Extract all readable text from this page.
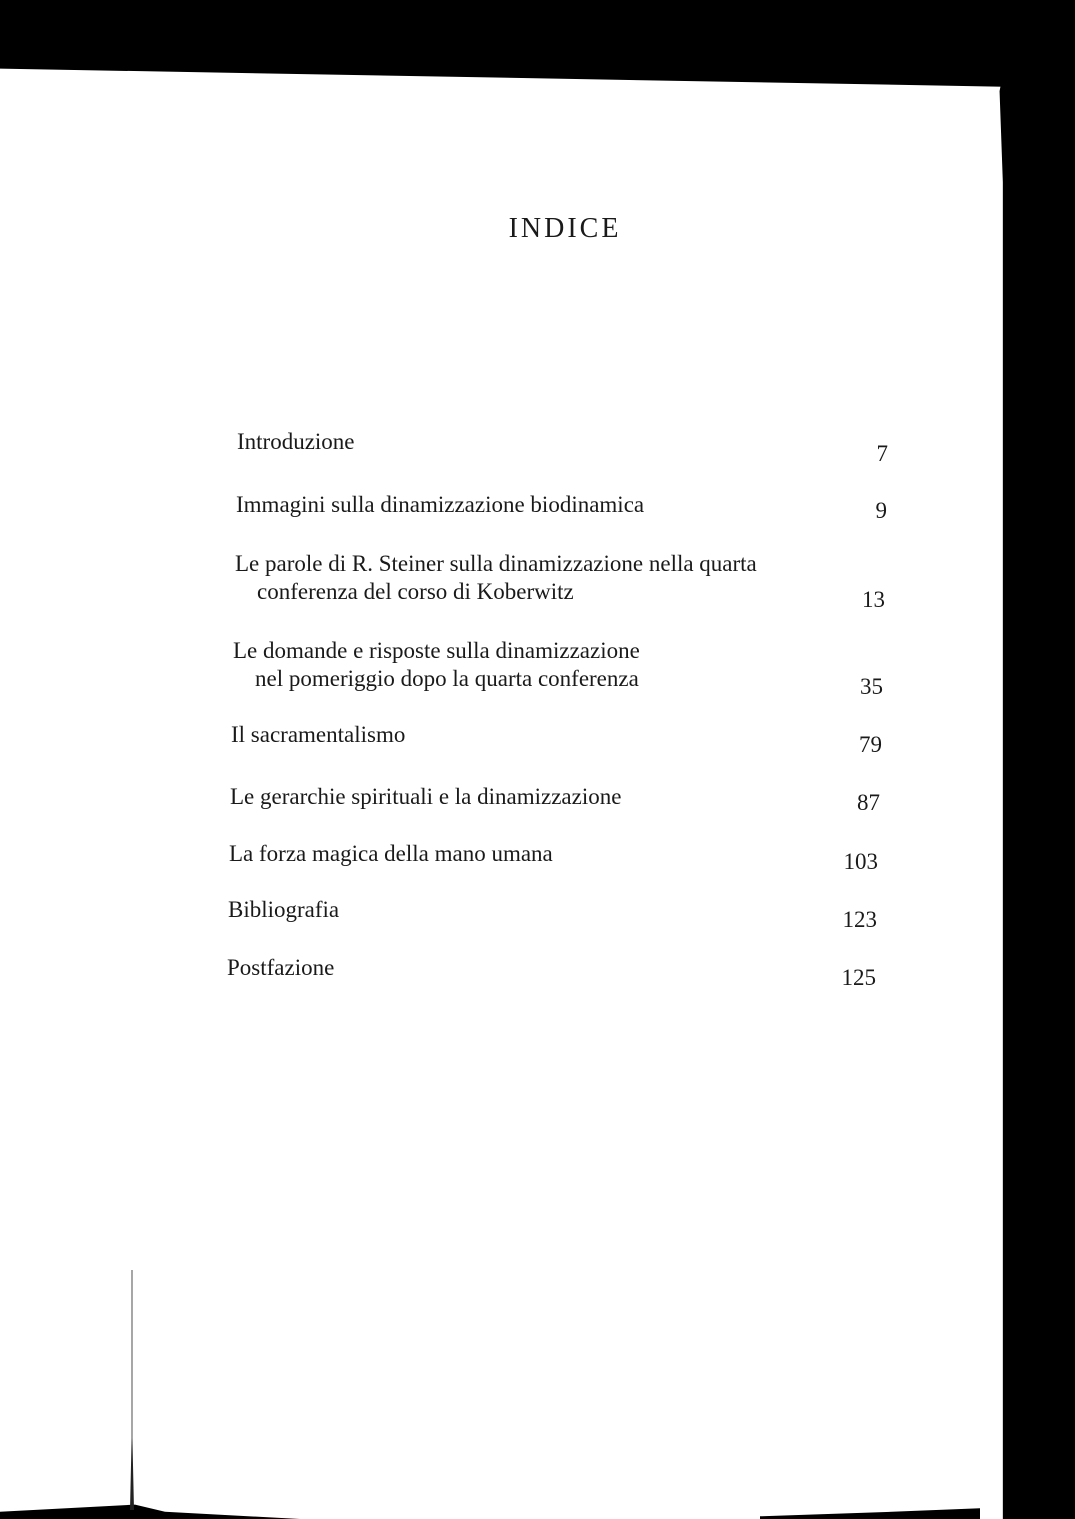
INDICE
Introduzione	7
Immagini sulla dinamizzazione biodinamica	9
Le parole di R. Steiner sulla dinamizzazione nella quarta
conferenza del corso di Koberwitz	13
Le domande e risposte sulla dinamizzazione
nel pomeriggio dopo la quarta conferenza	35
Il sacramentalismo	79
Le gerarchie spirituali e la dinamizzazione	87
La forza magica della mano umana	103
Bibliografia	123
Postfazione	125
